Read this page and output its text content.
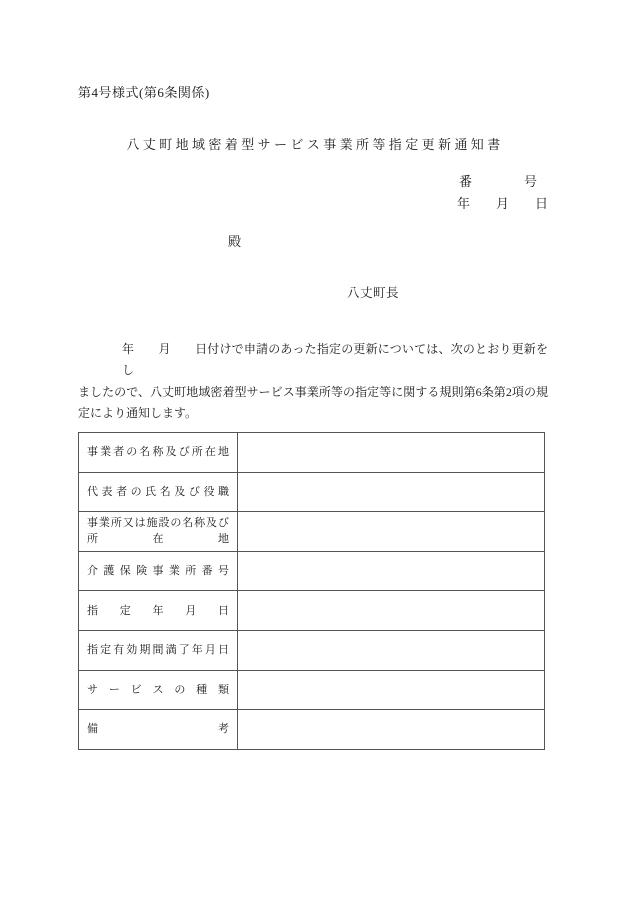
第4号様式(第6条関係)
八丈町地域密着型サービス事業所等指定更新通知書
番　　　　号
年　　月　　日
殿
八丈町長
年　　月　　日付けで申請のあった指定の更新については、次のとおり更新をし
ましたので、八丈町地域密着型サービス事業所等の指定等に関する規則第6条第2項の規
定により通知します。
事業者の名称及び所在地	

代表者の氏名及び役職	

事業所又は施設の名称及び
所在地	

介護保険事業所番号	

指定年月日	

指定有効期間満了年月日	

サービスの種類	

備考	
